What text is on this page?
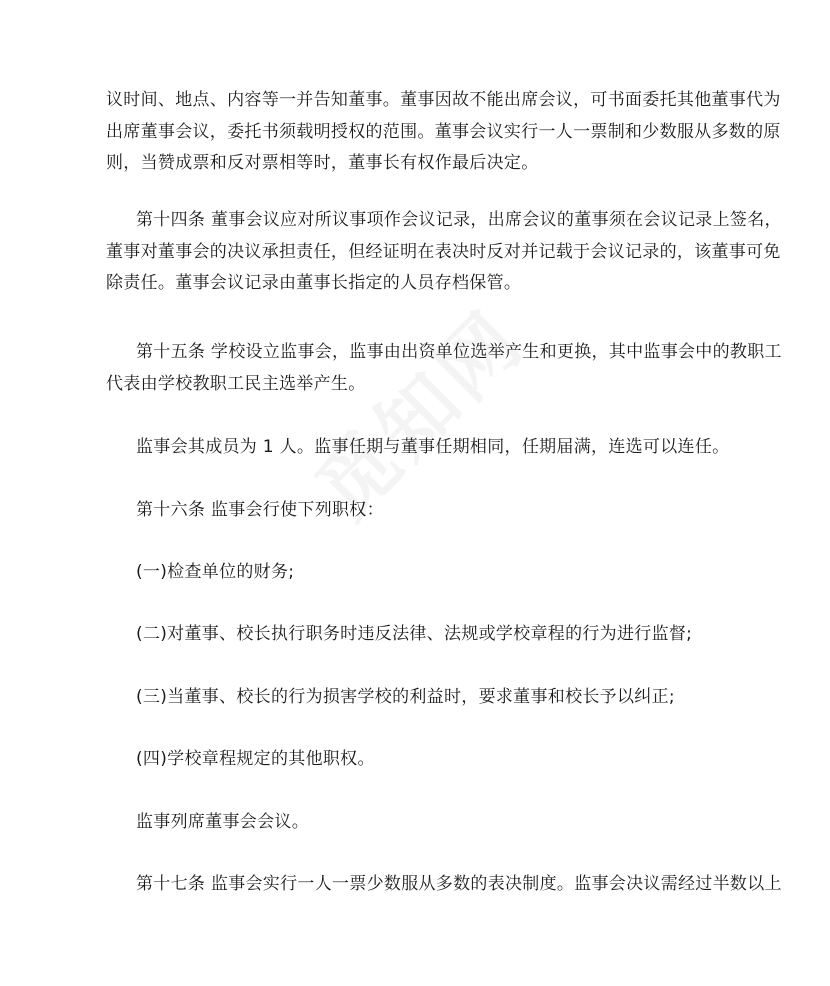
议时间、地点、内容等一并告知董事。董事因故不能出席会议，可书面委托其他董事代为
出席董事会议，委托书须载明授权的范围。董事会议实行一人一票制和少数服从多数的原
则，当赞成票和反对票相等时，董事长有权作最后决定。

第十四条 董事会议应对所议事项作会议记录，出席会议的董事须在会议记录上签名，
董事对董事会的决议承担责任，但经证明在表决时反对并记载于会议记录的，该董事可免
除责任。董事会议记录由董事长指定的人员存档保管。

第十五条 学校设立监事会，监事由出资单位选举产生和更换，其中监事会中的教职工
代表由学校教职工民主选举产生。

监事会其成员为 1 人。监事任期与董事任期相同，任期届满，连选可以连任。

第十六条 监事会行使下列职权：

(一)检查单位的财务;

(二)对董事、校长执行职务时违反法律、法规或学校章程的行为进行监督;

(三)当董事、校长的行为损害学校的利益时，要求董事和校长予以纠正;

(四)学校章程规定的其他职权。

监事列席董事会会议。

第十七条 监事会实行一人一票少数服从多数的表决制度。监事会决议需经过半数以上
